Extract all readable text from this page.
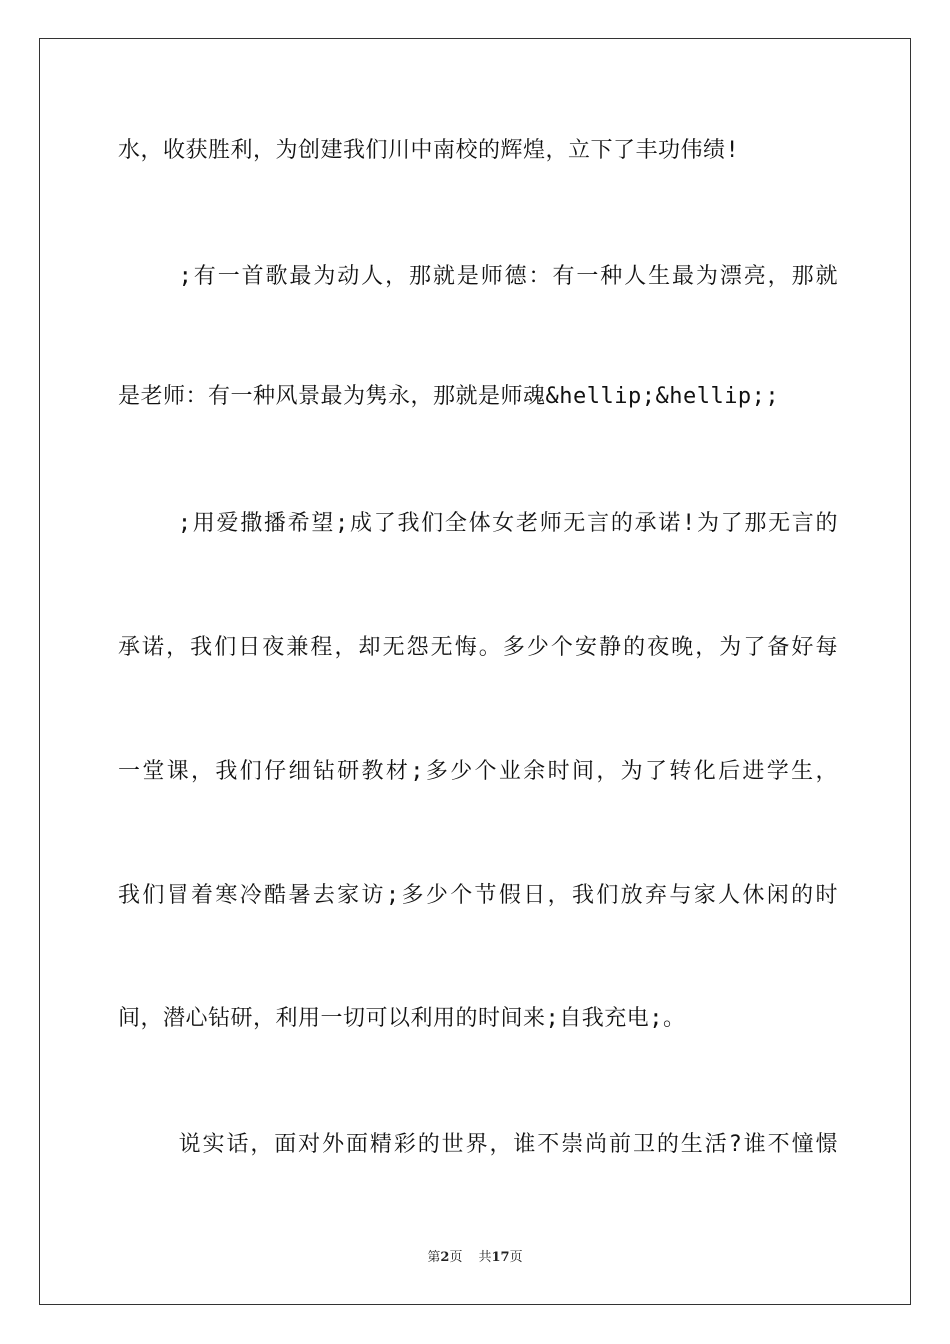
水，收获胜利，为创建我们川中南校的辉煌，立下了丰功伟绩!

;有一首歌最为动人，那就是师德：有一种人生最为漂亮，那就

是老师：有一种风景最为隽永，那就是师魂&hellip;&hellip;;

;用爱撒播希望;成了我们全体女老师无言的承诺!为了那无言的

承诺，我们日夜兼程，却无怨无悔。多少个安静的夜晚，为了备好每

一堂课，我们仔细钻研教材;多少个业余时间，为了转化后进学生，

我们冒着寒冷酷暑去家访;多少个节假日，我们放弃与家人休闲的时

间，潜心钻研，利用一切可以利用的时间来;自我充电;。

说实话，面对外面精彩的世界，谁不崇尚前卫的生活?谁不憧憬

第2页 共17页
